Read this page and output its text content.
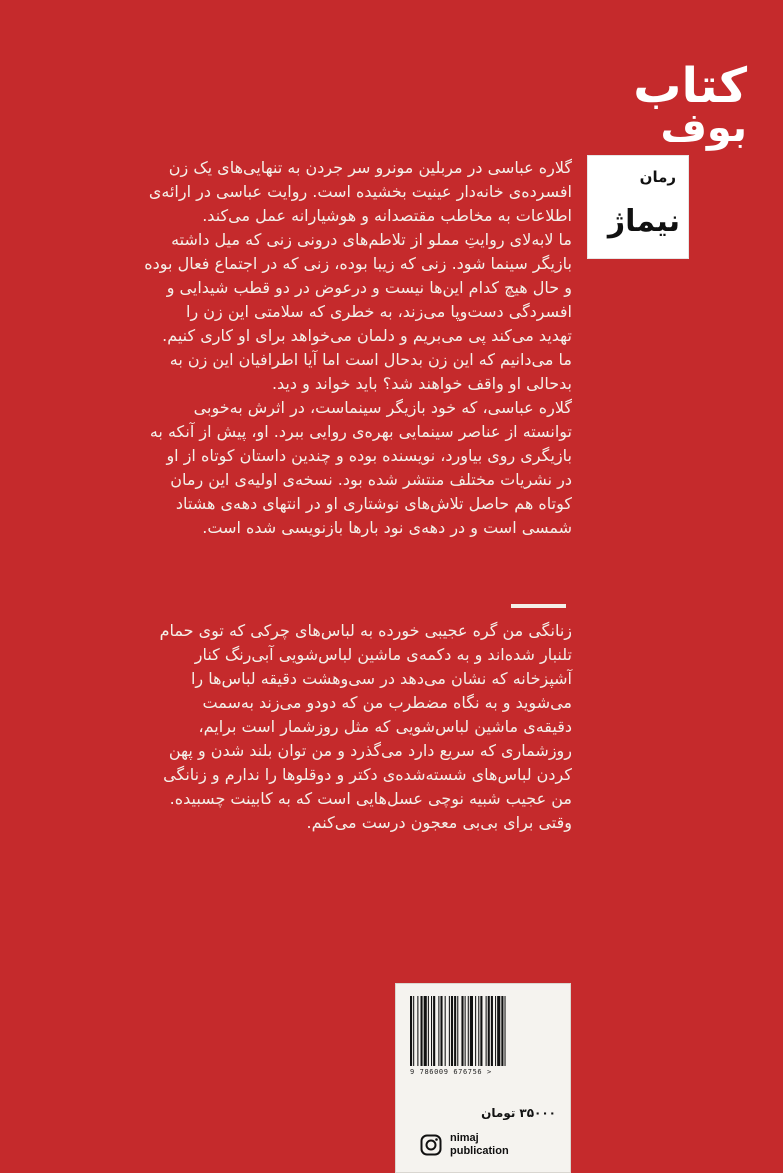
کتاب
بوف
رمان
نیماژ

گلاره عباسی در مربلین مونرو سر جردن به تنهایی‌های یک زن

افسرده‌ی خانه‌دار عینیت بخشیده است. روایت عباسی در ارائه‌ی

اطلاعات به مخاطب مقتصدانه و هوشیارانه عمل می‌کند.

ما لابه‌لای روایتِ مملو از تلاطم‌های درونی زنی که میل داشته

بازیگر سینما شود. زنی که زیبا بوده، زنی که در اجتماع فعال بوده

و حال هیچ کدام این‌ها نیست و درعوض در دو قطب شیدایی و

افسردگی دست‌وپا می‌زند، به خطری که سلامتی این زن را

تهدید می‌کند پی می‌بریم و دلمان می‌خواهد برای او کاری کنیم.

ما می‌دانیم که این زن بدحال است اما آیا اطرافیان این زن به

بدحالی او واقف خواهند شد؟ باید خواند و دید.

گلاره عباسی، که خود بازیگر سینماست، در اثرش به‌خوبی

توانسته از عناصر سینمایی بهره‌ی روایی ببرد. او، پیش از آنکه به

بازیگری روی بیاورد، نویسنده بوده و چندین داستان کوتاه از او

در نشریات مختلف منتشر شده بود. نسخه‌ی اولیه‌ی این رمان

کوتاه هم حاصل تلاش‌های نوشتاری او در انتهای دهه‌ی هشتاد

شمسی است و در دهه‌ی نود بارها بازنویسی شده است.

زنانگی من گره عجیبی خورده به لباس‌های چرکی که توی حمام

تلنبار شده‌اند و به دکمه‌ی ماشین لباس‌شویی آبی‌رنگ کنار

آشپزخانه که نشان می‌دهد در سی‌وهشت دقیقه لباس‌ها را

می‌شوید و به نگاه مضطرب من که دودو می‌زند به‌سمت

دقیقه‌ی ماشین لباس‌شویی که مثل روزشمار است برایم،

روزشماری که سریع دارد می‌گذرد و من توان بلند شدن و پهن

کردن لباس‌های شسته‌شده‌ی دکتر و دوقلوها را ندارم و زنانگی

من عجیب شبیه نوچی عسل‌هایی است که به کابینت چسبیده.

وقتی برای بی‌بی معجون درست می‌کنم.

9 786009 676756 >
۳۵۰۰۰تومان
nimaj
publication
